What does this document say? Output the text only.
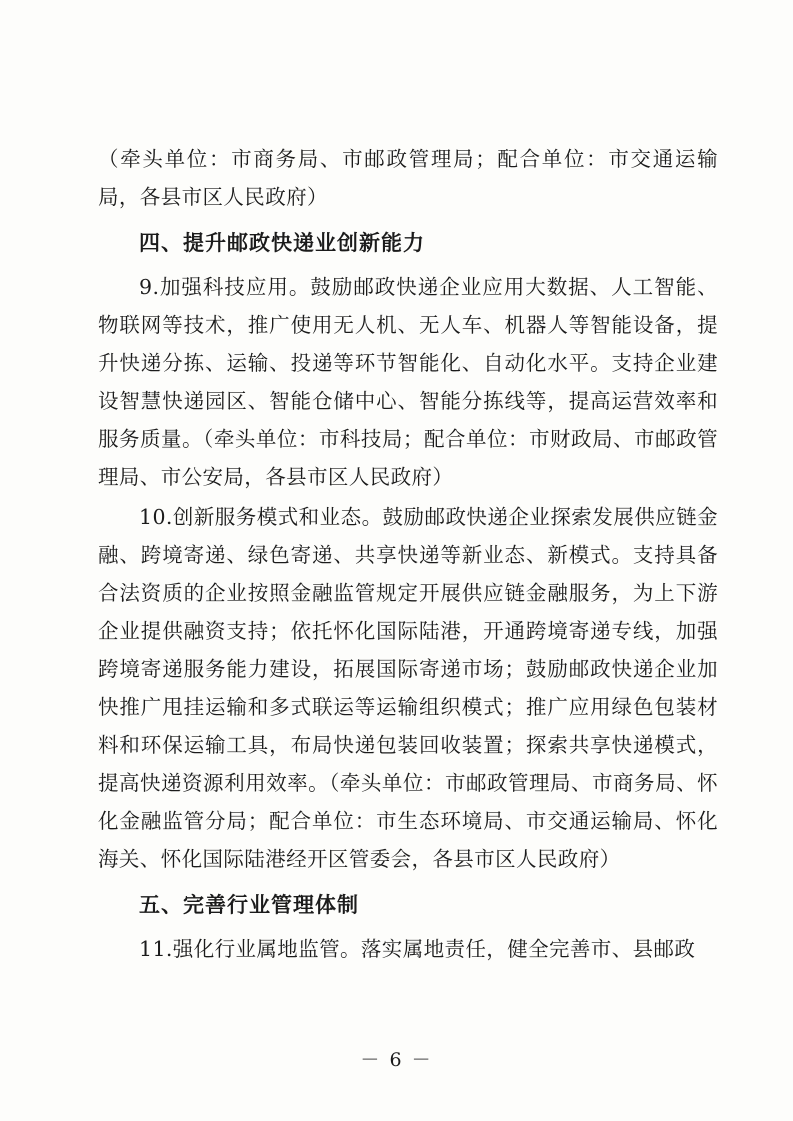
（牵头单位：市商务局、市邮政管理局；配合单位：市交通运输局，各县市区人民政府）

四、提升邮政快递业创新能力

9.加强科技应用。鼓励邮政快递企业应用大数据、人工智能、物联网等技术，推广使用无人机、无人车、机器人等智能设备，提升快递分拣、运输、投递等环节智能化、自动化水平。支持企业建设智慧快递园区、智能仓储中心、智能分拣线等，提高运营效率和服务质量。（牵头单位：市科技局；配合单位：市财政局、市邮政管理局、市公安局，各县市区人民政府）

10.创新服务模式和业态。鼓励邮政快递企业探索发展供应链金融、跨境寄递、绿色寄递、共享快递等新业态、新模式。支持具备合法资质的企业按照金融监管规定开展供应链金融服务，为上下游企业提供融资支持；依托怀化国际陆港，开通跨境寄递专线，加强跨境寄递服务能力建设，拓展国际寄递市场；鼓励邮政快递企业加快推广甩挂运输和多式联运等运输组织模式；推广应用绿色包装材料和环保运输工具，布局快递包装回收装置；探索共享快递模式，提高快递资源利用效率。（牵头单位：市邮政管理局、市商务局、怀化金融监管分局；配合单位：市生态环境局、市交通运输局、怀化海关、怀化国际陆港经开区管委会，各县市区人民政府）

五、完善行业管理体制

11.强化行业属地监管。落实属地责任，健全完善市、县邮政

－ 6 －
